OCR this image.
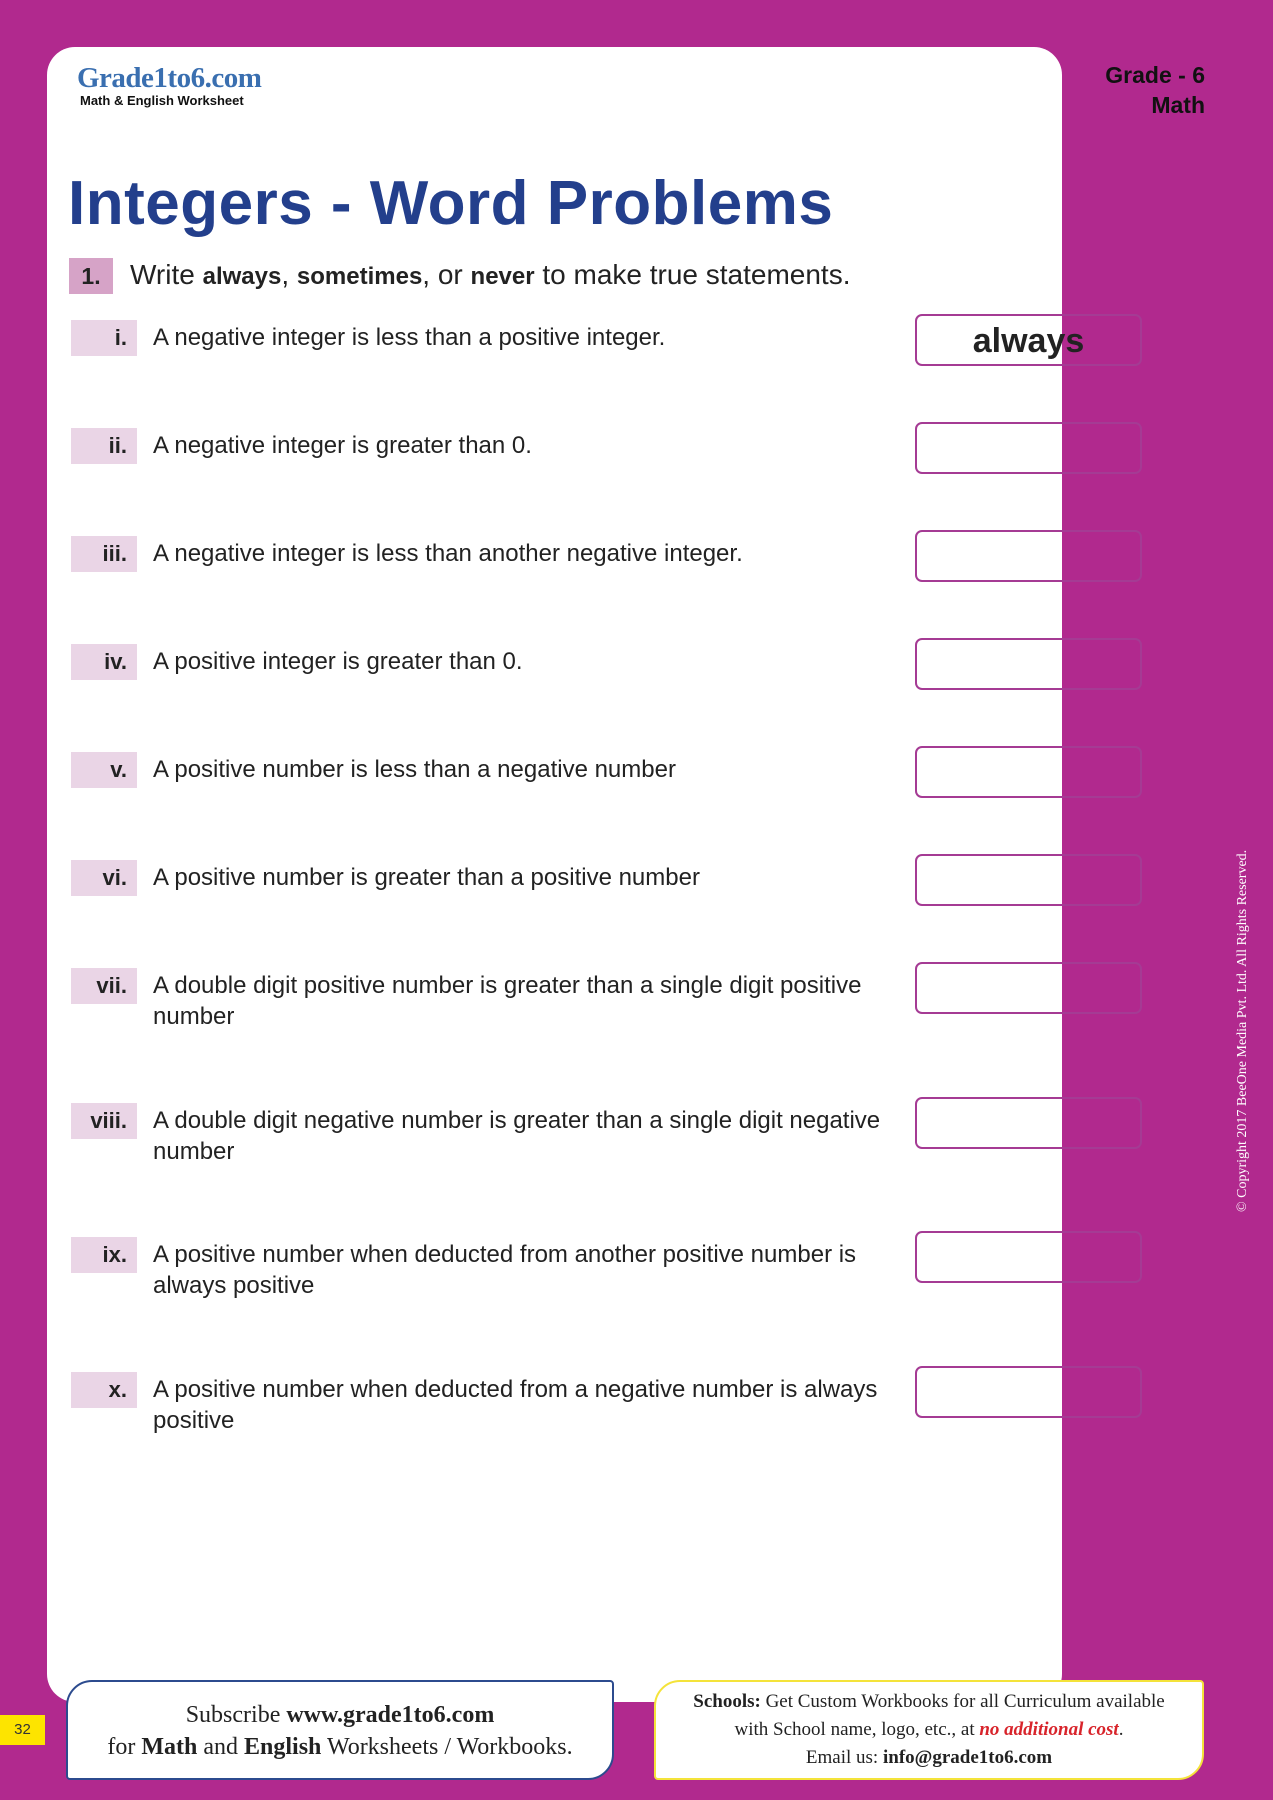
Grade1to6.com
Math & English Worksheet
Grade - 6
Math
Integers - Word Problems
1.	Write always, sometimes, or never to make true statements.
i.	A negative integer is less than a positive integer.	always
ii.	A negative integer is greater than 0.
iii.	A negative integer is less than another negative integer.
iv.	A positive integer is greater than 0.
v.	A positive number is less than a negative number
vi.	A positive number is greater than a positive number
vii.	A double digit positive number is greater than a single digit positive number
viii.	A double digit negative number is greater than a single digit negative number
ix.	A positive number when deducted from another positive number is always positive
x.	A positive number when deducted from a negative number is always positive
© Copyright 2017 BeeOne Media Pvt. Ltd. All Rights Reserved.
32
Subscribe www.grade1to6.com
for Math and English Worksheets / Workbooks.
Schools: Get Custom Workbooks for all Curriculum available
with School name, logo, etc., at no additional cost.
Email us: info@grade1to6.com
